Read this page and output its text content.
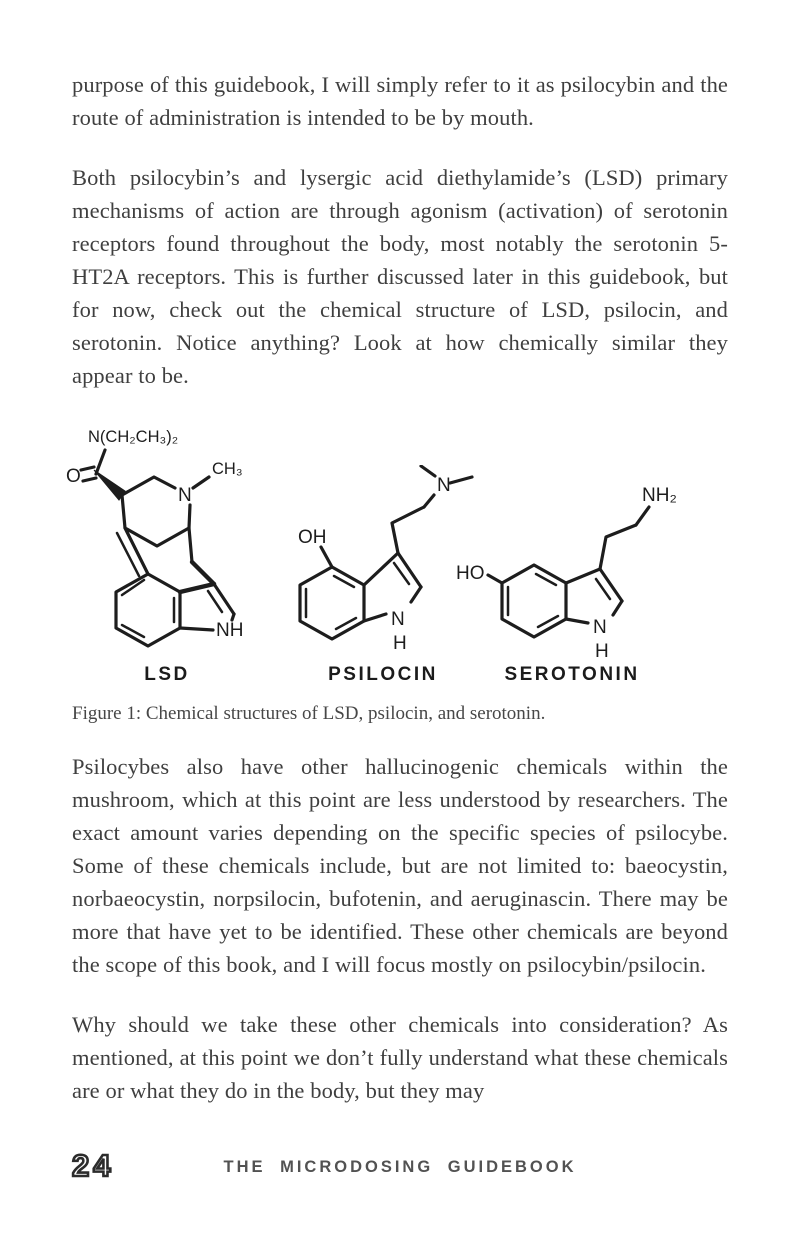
purpose of this guidebook, I will simply refer to it as psilocybin and the route of administration is intended to be by mouth.

Both psilocybin’s and lysergic acid diethylamide’s (LSD) primary mechanisms of action are through agonism (activation) of serotonin receptors found throughout the body, most notably the serotonin 5-HT2A receptors. This is further discussed later in this guidebook, but for now, check out the chemical structure of LSD, psilocin, and serotonin. Notice anything? Look at how chemically similar they appear to be.

N(CH₂CH₃)₂
O
N
CH₃
NH
OH
N
N
H
HO
NH₂
N
H
LSD	PSILOCIN	SEROTONIN

Figure 1: Chemical structures of LSD, psilocin, and serotonin.

Psilocybes also have other hallucinogenic chemicals within the mushroom, which at this point are less understood by researchers. The exact amount varies depending on the specific species of psilocybe. Some of these chemicals include, but are not limited to: baeocystin, norbaeocystin, norpsilocin, bufotenin, and aeruginascin. There may be more that have yet to be identified. These other chemicals are beyond the scope of this book, and I will focus mostly on psilocybin/psilocin.

Why should we take these other chemicals into consideration? As mentioned, at this point we don’t fully understand what these chemicals are or what they do in the body, but they may

24	THE MICRODOSING GUIDEBOOK
